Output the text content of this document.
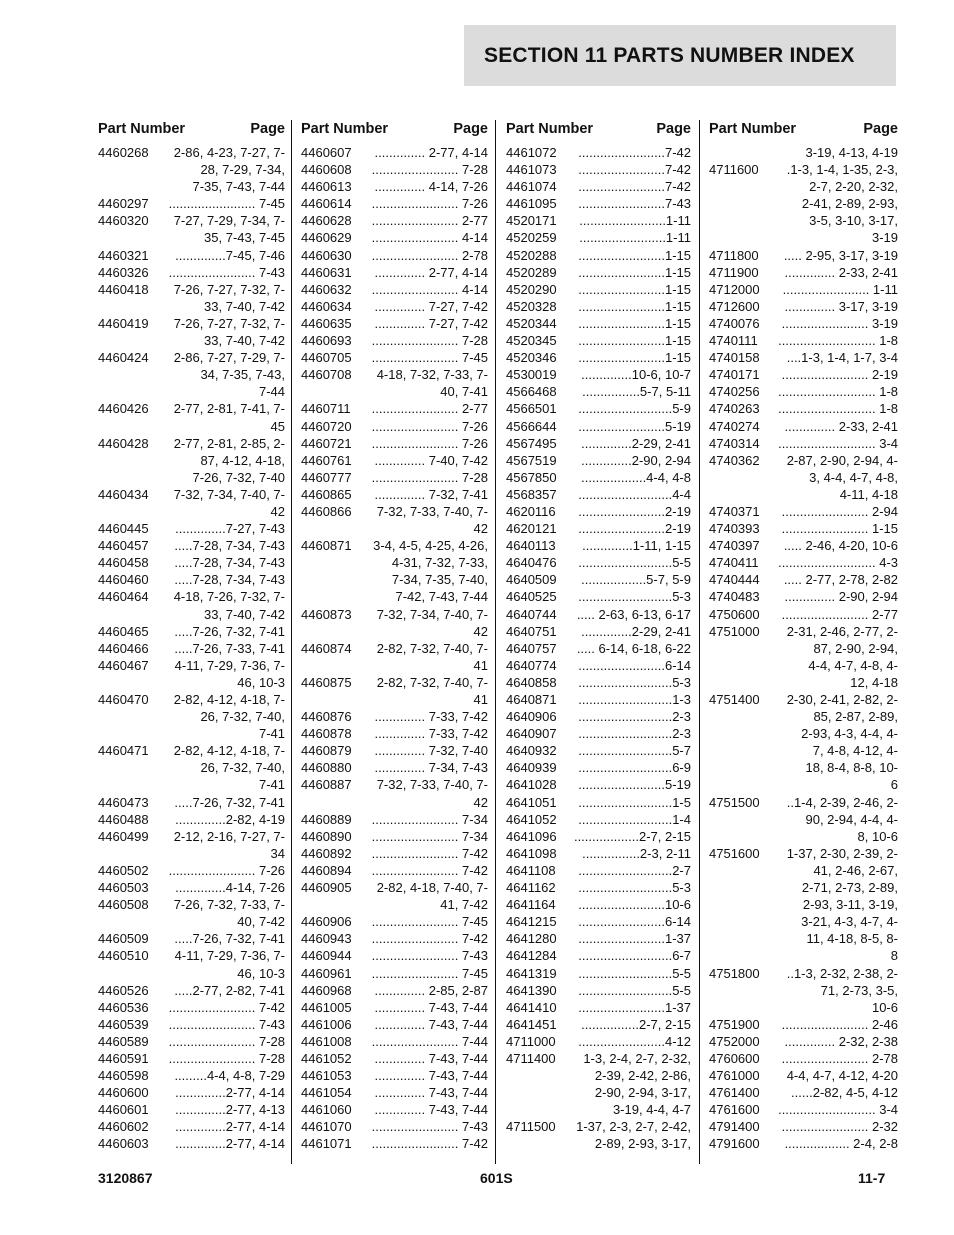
SECTION 11 PARTS NUMBER INDEX
Part Number	Page
4460268	2-86, 4-23, 7-27, 7-
28, 7-29, 7-34,
7-35, 7-43, 7-44
4460297	........................ 7-45
4460320	7-27, 7-29, 7-34, 7-
35, 7-43, 7-45
4460321	..............7-45, 7-46
4460326	........................ 7-43
4460418	7-26, 7-27, 7-32, 7-
33, 7-40, 7-42
4460419	7-26, 7-27, 7-32, 7-
33, 7-40, 7-42
4460424	2-86, 7-27, 7-29, 7-
34, 7-35, 7-43,
7-44
4460426	2-77, 2-81, 7-41, 7-
45
4460428	2-77, 2-81, 2-85, 2-
87, 4-12, 4-18,
7-26, 7-32, 7-40
4460434	7-32, 7-34, 7-40, 7-
42
4460445	..............7-27, 7-43
4460457	.....7-28, 7-34, 7-43
4460458	.....7-28, 7-34, 7-43
4460460	.....7-28, 7-34, 7-43
4460464	4-18, 7-26, 7-32, 7-
33, 7-40, 7-42
4460465	.....7-26, 7-32, 7-41
4460466	.....7-26, 7-33, 7-41
4460467	4-11, 7-29, 7-36, 7-
46, 10-3
4460470	2-82, 4-12, 4-18, 7-
26, 7-32, 7-40,
7-41
4460471	2-82, 4-12, 4-18, 7-
26, 7-32, 7-40,
7-41
4460473	.....7-26, 7-32, 7-41
4460488	..............2-82, 4-19
4460499	2-12, 2-16, 7-27, 7-
34
4460502	........................ 7-26
4460503	..............4-14, 7-26
4460508	7-26, 7-32, 7-33, 7-
40, 7-42
4460509	.....7-26, 7-32, 7-41
4460510	4-11, 7-29, 7-36, 7-
46, 10-3
4460526	.....2-77, 2-82, 7-41
4460536	........................ 7-42
4460539	........................ 7-43
4460589	........................ 7-28
4460591	........................ 7-28
4460598	.........4-4, 4-8, 7-29
4460600	..............2-77, 4-14
4460601	..............2-77, 4-13
4460602	..............2-77, 4-14
4460603	..............2-77, 4-14
Part Number	Page
4460607	.............. 2-77, 4-14
4460608	........................ 7-28
4460613	.............. 4-14, 7-26
4460614	........................ 7-26
4460628	........................ 2-77
4460629	........................ 4-14
4460630	........................ 2-78
4460631	.............. 2-77, 4-14
4460632	........................ 4-14
4460634	.............. 7-27, 7-42
4460635	.............. 7-27, 7-42
4460693	........................ 7-28
4460705	........................ 7-45
4460708	4-18, 7-32, 7-33, 7-
40, 7-41
4460711	........................ 2-77
4460720	........................ 7-26
4460721	........................ 7-26
4460761	.............. 7-40, 7-42
4460777	........................ 7-28
4460865	.............. 7-32, 7-41
4460866	7-32, 7-33, 7-40, 7-
42
4460871	3-4, 4-5, 4-25, 4-26,
4-31, 7-32, 7-33,
7-34, 7-35, 7-40,
7-42, 7-43, 7-44
4460873	7-32, 7-34, 7-40, 7-
42
4460874	2-82, 7-32, 7-40, 7-
41
4460875	2-82, 7-32, 7-40, 7-
41
4460876	.............. 7-33, 7-42
4460878	.............. 7-33, 7-42
4460879	.............. 7-32, 7-40
4460880	.............. 7-34, 7-43
4460887	7-32, 7-33, 7-40, 7-
42
4460889	........................ 7-34
4460890	........................ 7-34
4460892	........................ 7-42
4460894	........................ 7-42
4460905	2-82, 4-18, 7-40, 7-
41, 7-42
4460906	........................ 7-45
4460943	........................ 7-42
4460944	........................ 7-43
4460961	........................ 7-45
4460968	.............. 2-85, 2-87
4461005	.............. 7-43, 7-44
4461006	.............. 7-43, 7-44
4461008	........................ 7-44
4461052	.............. 7-43, 7-44
4461053	.............. 7-43, 7-44
4461054	.............. 7-43, 7-44
4461060	.............. 7-43, 7-44
4461070	........................ 7-43
4461071	........................ 7-42
Part Number	Page
4461072	........................7-42
4461073	........................7-42
4461074	........................7-42
4461095	........................7-43
4520171	........................1-11
4520259	........................1-11
4520288	........................1-15
4520289	........................1-15
4520290	........................1-15
4520328	........................1-15
4520344	........................1-15
4520345	........................1-15
4520346	........................1-15
4530019	..............10-6, 10-7
4566468	................5-7, 5-11
4566501	..........................5-9
4566644	........................5-19
4567495	..............2-29, 2-41
4567519	..............2-90, 2-94
4567850	..................4-4, 4-8
4568357	..........................4-4
4620116	........................2-19
4620121	........................2-19
4640113	..............1-11, 1-15
4640476	..........................5-5
4640509	..................5-7, 5-9
4640525	..........................5-3
4640744	..... 2-63, 6-13, 6-17
4640751	..............2-29, 2-41
4640757	..... 6-14, 6-18, 6-22
4640774	........................6-14
4640858	..........................5-3
4640871	..........................1-3
4640906	..........................2-3
4640907	..........................2-3
4640932	..........................5-7
4640939	..........................6-9
4641028	........................5-19
4641051	..........................1-5
4641052	..........................1-4
4641096	..................2-7, 2-15
4641098	................2-3, 2-11
4641108	..........................2-7
4641162	..........................5-3
4641164	........................10-6
4641215	........................6-14
4641280	........................1-37
4641284	..........................6-7
4641319	..........................5-5
4641390	..........................5-5
4641410	........................1-37
4641451	................2-7, 2-15
4711000	........................4-12
4711400	1-3, 2-4, 2-7, 2-32,
2-39, 2-42, 2-86,
2-90, 2-94, 3-17,
3-19, 4-4, 4-7
4711500	1-37, 2-3, 2-7, 2-42,
2-89, 2-93, 3-17,
Part Number	Page
3-19, 4-13, 4-19
4711600	.1-3, 1-4, 1-35, 2-3,
2-7, 2-20, 2-32,
2-41, 2-89, 2-93,
3-5, 3-10, 3-17,
3-19
4711800	..... 2-95, 3-17, 3-19
4711900	.............. 2-33, 2-41
4712000	........................ 1-11
4712600	.............. 3-17, 3-19
4740076	........................ 3-19
4740111	........................... 1-8
4740158	....1-3, 1-4, 1-7, 3-4
4740171	........................ 2-19
4740256	........................... 1-8
4740263	........................... 1-8
4740274	.............. 2-33, 2-41
4740314	........................... 3-4
4740362	2-87, 2-90, 2-94, 4-
3, 4-4, 4-7, 4-8,
4-11, 4-18
4740371	........................ 2-94
4740393	........................ 1-15
4740397	..... 2-46, 4-20, 10-6
4740411	........................... 4-3
4740444	..... 2-77, 2-78, 2-82
4740483	.............. 2-90, 2-94
4750600	........................ 2-77
4751000	2-31, 2-46, 2-77, 2-
87, 2-90, 2-94,
4-4, 4-7, 4-8, 4-
12, 4-18
4751400	2-30, 2-41, 2-82, 2-
85, 2-87, 2-89,
2-93, 4-3, 4-4, 4-
7, 4-8, 4-12, 4-
18, 8-4, 8-8, 10-
6
4751500	..1-4, 2-39, 2-46, 2-
90, 2-94, 4-4, 4-
8, 10-6
4751600	1-37, 2-30, 2-39, 2-
41, 2-46, 2-67,
2-71, 2-73, 2-89,
2-93, 3-11, 3-19,
3-21, 4-3, 4-7, 4-
11, 4-18, 8-5, 8-
8
4751800	..1-3, 2-32, 2-38, 2-
71, 2-73, 3-5,
10-6
4751900	........................ 2-46
4752000	.............. 2-32, 2-38
4760600	........................ 2-78
4761000	4-4, 4-7, 4-12, 4-20
4761400	......2-82, 4-5, 4-12
4761600	........................... 3-4
4791400	........................ 2-32
4791600	.................. 2-4, 2-8
3120867	601S	11-7
